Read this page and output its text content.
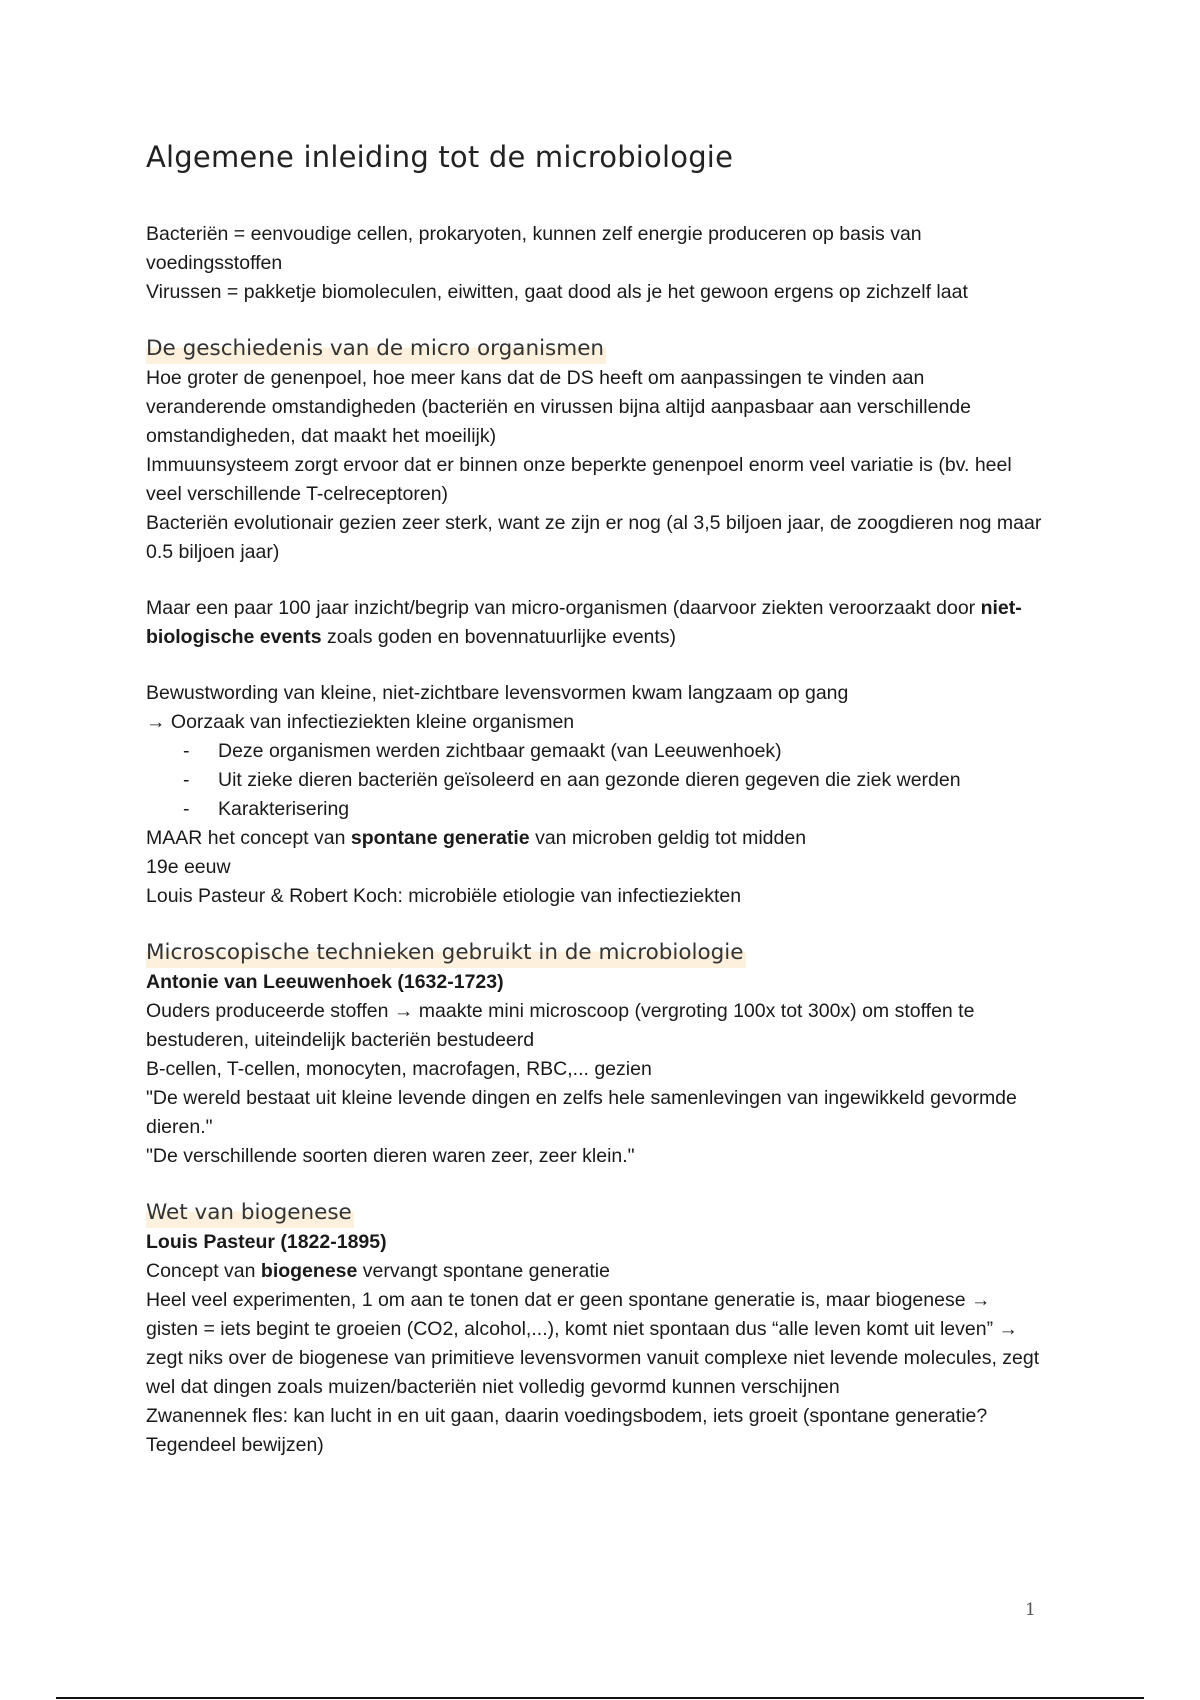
Algemene inleiding tot de microbiologie

Bacteriën = eenvoudige cellen, prokaryoten, kunnen zelf energie produceren op basis van voedingsstoffen

Virussen = pakketje biomoleculen, eiwitten, gaat dood als je het gewoon ergens op zichzelf laat

De geschiedenis van de micro organismen

Hoe groter de genenpoel, hoe meer kans dat de DS heeft om aanpassingen te vinden aan veranderende omstandigheden (bacteriën en virussen bijna altijd aanpasbaar aan verschillende omstandigheden, dat maakt het moeilijk)

Immuunsysteem zorgt ervoor dat er binnen onze beperkte genenpoel enorm veel variatie is (bv. heel veel verschillende T-celreceptoren)

Bacteriën evolutionair gezien zeer sterk, want ze zijn er nog (al 3,5 biljoen jaar, de zoogdieren nog maar 0.5 biljoen jaar)

Maar een paar 100 jaar inzicht/begrip van micro-organismen (daarvoor ziekten veroorzaakt door niet-biologische events zoals goden en bovennatuurlijke events)

Bewustwording van kleine, niet-zichtbare levensvormen kwam langzaam op gang

→ Oorzaak van infectieziekten kleine organismen

- Deze organismen werden zichtbaar gemaakt (van Leeuwenhoek)
- Uit zieke dieren bacteriën geïsoleerd en aan gezonde dieren gegeven die ziek werden
- Karakterisering

MAAR het concept van spontane generatie van microben geldig tot midden

19e eeuw

Louis Pasteur & Robert Koch: microbiële etiologie van infectieziekten

Microscopische technieken gebruikt in de microbiologie

Antonie van Leeuwenhoek (1632-1723)

Ouders produceerde stoffen → maakte mini microscoop (vergroting 100x tot 300x) om stoffen te bestuderen, uiteindelijk bacteriën bestudeerd

B-cellen, T-cellen, monocyten, macrofagen, RBC,... gezien

"De wereld bestaat uit kleine levende dingen en zelfs hele samenlevingen van ingewikkeld gevormde dieren."

"De verschillende soorten dieren waren zeer, zeer klein."

Wet van biogenese

Louis Pasteur (1822-1895)

Concept van biogenese vervangt spontane generatie

Heel veel experimenten, 1 om aan te tonen dat er geen spontane generatie is, maar biogenese → gisten = iets begint te groeien (CO2, alcohol,...), komt niet spontaan dus “alle leven komt uit leven” → zegt niks over de biogenese van primitieve levensvormen vanuit complexe niet levende molecules, zegt wel dat dingen zoals muizen/bacteriën niet volledig gevormd kunnen verschijnen

Zwanennek fles: kan lucht in en uit gaan, daarin voedingsbodem, iets groeit (spontane generatie? Tegendeel bewijzen)

1
